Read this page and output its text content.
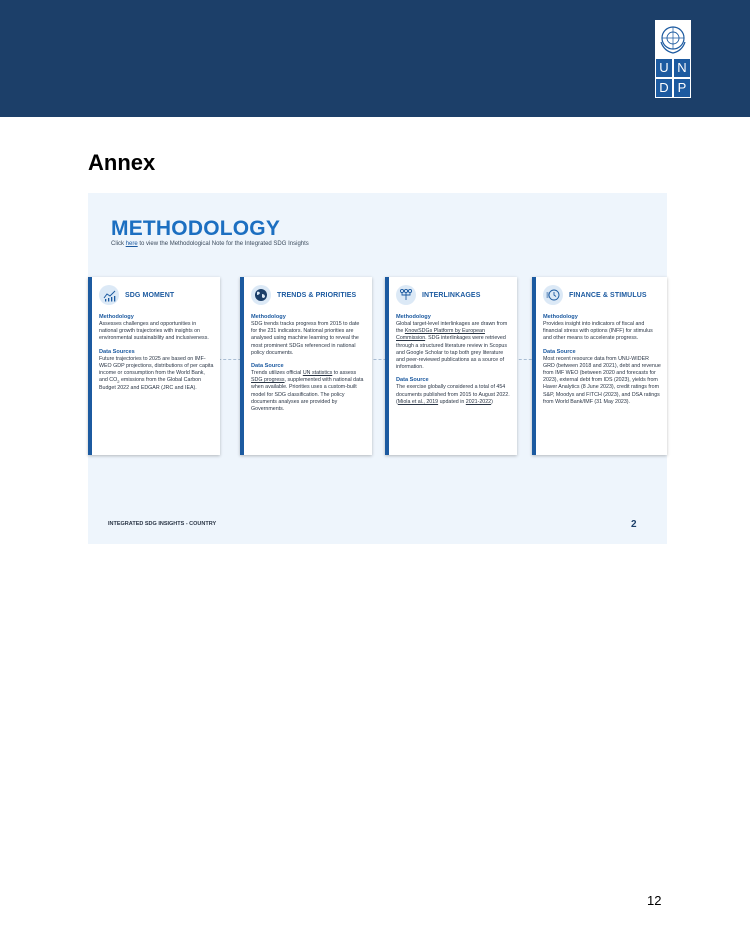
U N
D P
Annex
METHODOLOGY

Click here to view the Methodological Note for the Integrated SDG Insights

SDG MOMENT

Methodology

Assesses challenges and opportunities in national growth trajectories with insights on environmental sustainability and inclusiveness.

Data Sources

Future trajectories to 2025 are based on IMF-WEO GDP projections, distributions of per capita income or consumption from the World Bank, and $CO_2$ emissions from the Global Carbon Budget 2022 and EDGAR (JRC and IEA).

TRENDS & PRIORITIES

Methodology

SDG trends tracks progress from 2015 to date for the 231 indicators. National priorities are analysed using machine learning to reveal the most prominent SDGs referenced in national policy documents.

Data Source

Trends utilizes official UN statistics to assess SDG progress, supplemented with national data when available. Priorities uses a custom-built model for SDG classification. The policy documents analyses are provided by Governments.

INTERLINKAGES

Methodology

Global target-level interlinkages are drawn from the KnowSDGs Platform by European Commission. SDG interlinkages were retrieved through a structured literature review in Scopus and Google Scholar to tap both grey literature and peer-reviewed publications as a source of information.

Data Source

The exercise globally considered a total of 454 documents published from 2015 to August 2022. (Miola et al., 2019 updated in 2021-2022)

FINANCE & STIMULUS

Methodology

Provides insight into indicators of fiscal and financial stress with options (INFF) for stimulus and other means to accelerate progress.

Data Source

Most recent resource data from UNU-WIDER GRD (between 2018 and 2021), debt and revenue from IMF WEO (between 2020 and forecasts for 2023), external debt from IDS (2023), yields from Haver Analytics (8 June 2023), credit ratings from S&P, Moodys and FITCH (2023), and DSA ratings from World Bank/IMF (31 May 2023).

INTEGRATED SDG INSIGHTS - COUNTRY	2

12
